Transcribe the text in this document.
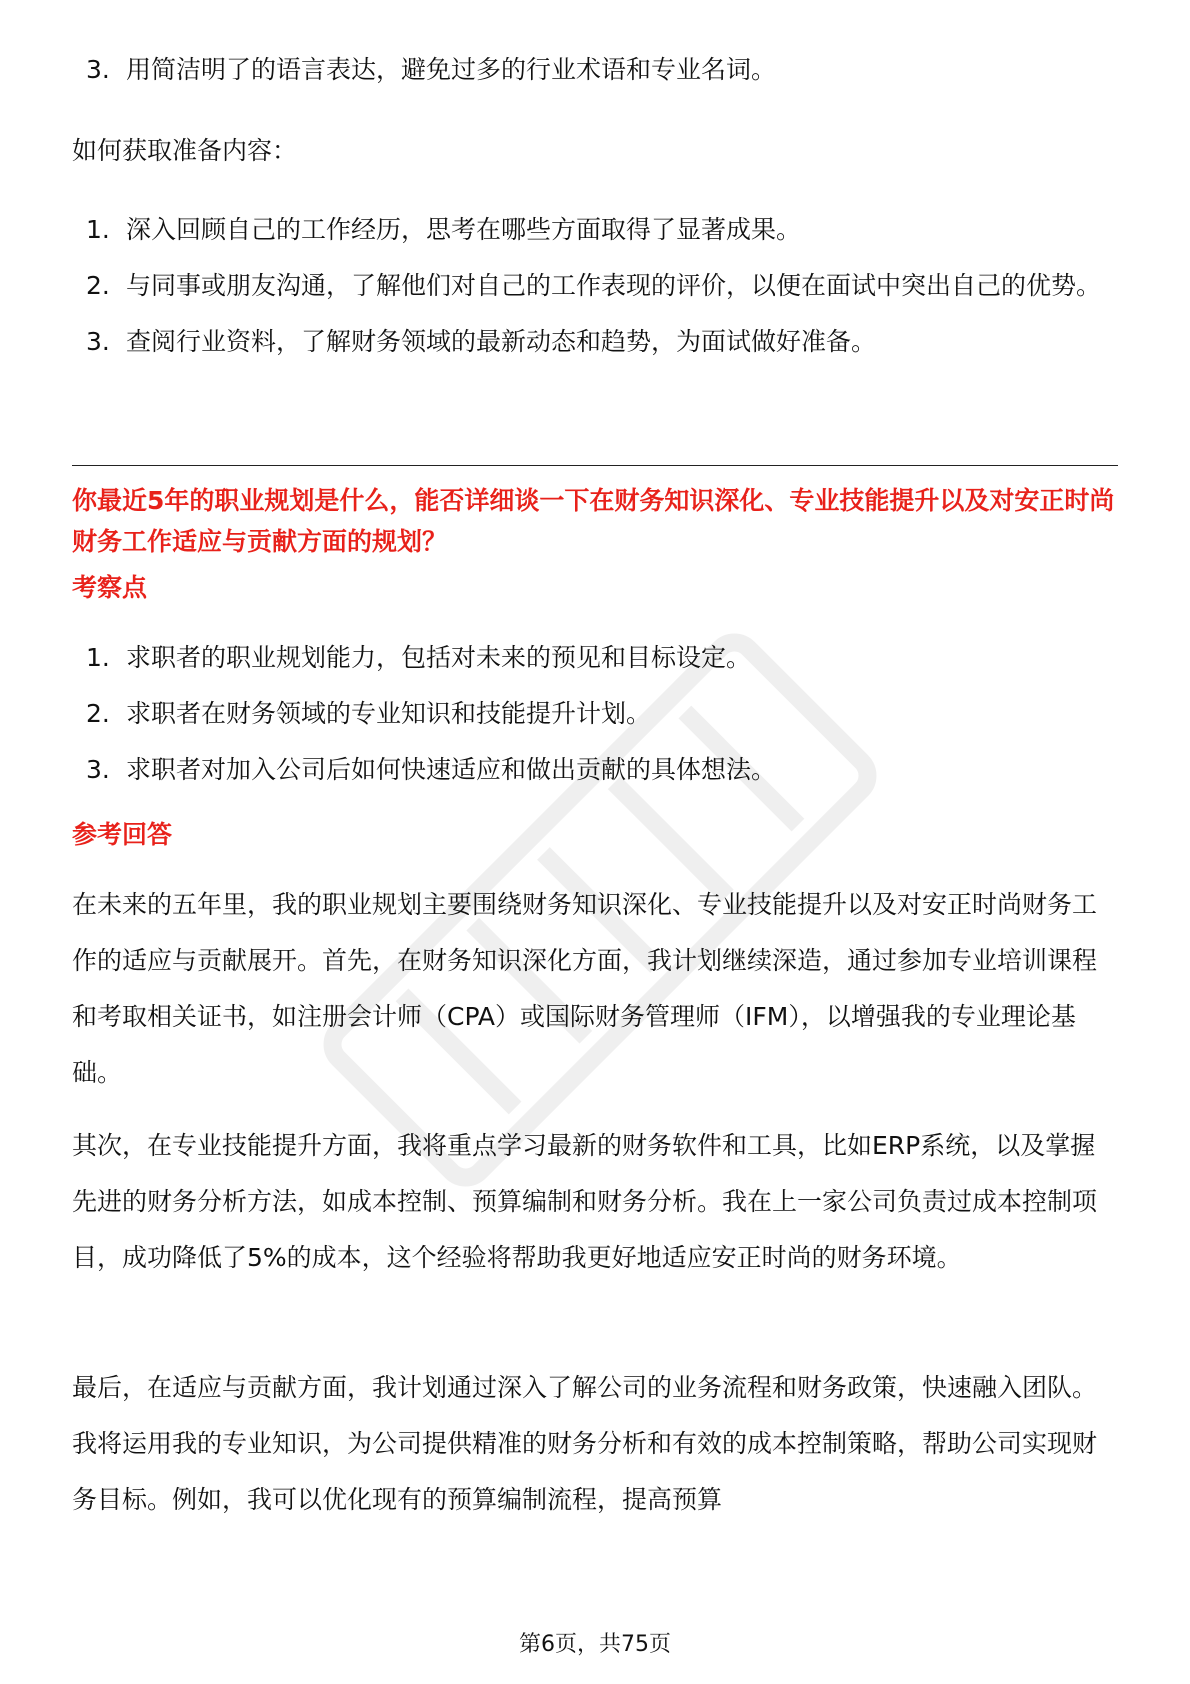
3. 用简洁明了的语言表达，避免过多的行业术语和专业名词。

如何获取准备内容：

1. 深入回顾自己的工作经历，思考在哪些方面取得了显著成果。
2. 与同事或朋友沟通，了解他们对自己的工作表现的评价，以便在面试中突出自己的优势。
3. 查阅行业资料，了解财务领域的最新动态和趋势，为面试做好准备。

你最近5年的职业规划是什么，能否详细谈一下在财务知识深化、专业技能提升以及对安正时尚财务工作适应与贡献方面的规划？

考察点

1. 求职者的职业规划能力，包括对未来的预见和目标设定。
2. 求职者在财务领域的专业知识和技能提升计划。
3. 求职者对加入公司后如何快速适应和做出贡献的具体想法。

参考回答

在未来的五年里，我的职业规划主要围绕财务知识深化、专业技能提升以及对安正时尚财务工作的适应与贡献展开。首先，在财务知识深化方面，我计划继续深造，通过参加专业培训课程和考取相关证书，如注册会计师（CPA）或国际财务管理师（IFM），以增强我的专业理论基础。

其次，在专业技能提升方面，我将重点学习最新的财务软件和工具，比如ERP系统，以及掌握先进的财务分析方法，如成本控制、预算编制和财务分析。我在上一家公司负责过成本控制项目，成功降低了5%的成本，这个经验将帮助我更好地适应安正时尚的财务环境。

最后，在适应与贡献方面，我计划通过深入了解公司的业务流程和财务政策，快速融入团队。我将运用我的专业知识，为公司提供精准的财务分析和有效的成本控制策略，帮助公司实现财务目标。例如，我可以优化现有的预算编制流程，提高预算

第6页，共75页
